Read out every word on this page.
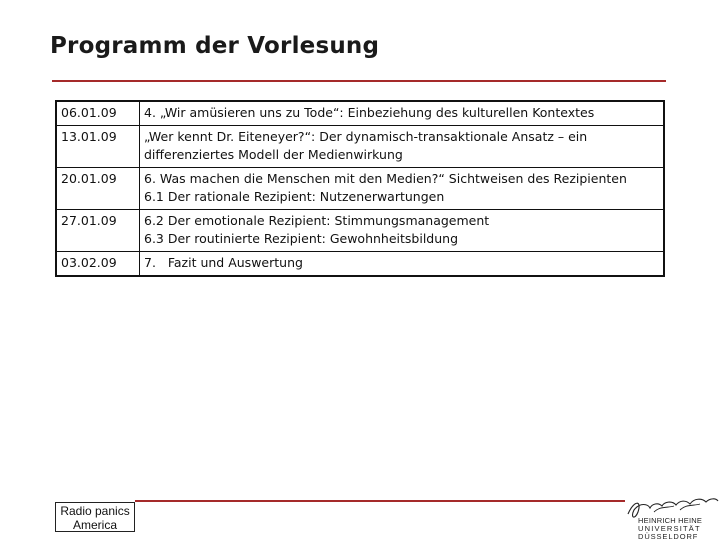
Programm der Vorlesung
06.01.09	4. „Wir amüsieren uns zu Tode“: Einbeziehung des kulturellen Kontextes

13.01.09	„Wer kennt Dr. Eiteneyer?“: Der dynamisch-transaktionale Ansatz – ein differenziertes Modell der Medienwirkung

20.01.09	6. Was machen die Menschen mit den Medien?“ Sichtweisen des Rezipienten
6.1 Der rationale Rezipient: Nutzenerwartungen

27.01.09	6.2 Der emotionale Rezipient: Stimmungsmanagement
6.3 Der routinierte Rezipient: Gewohnheitsbildung

03.02.09	7.   Fazit und Auswertung
Radio panics
America	HEINRICH HEINE
UNIVERSITÄT
DÜSSELDORF
